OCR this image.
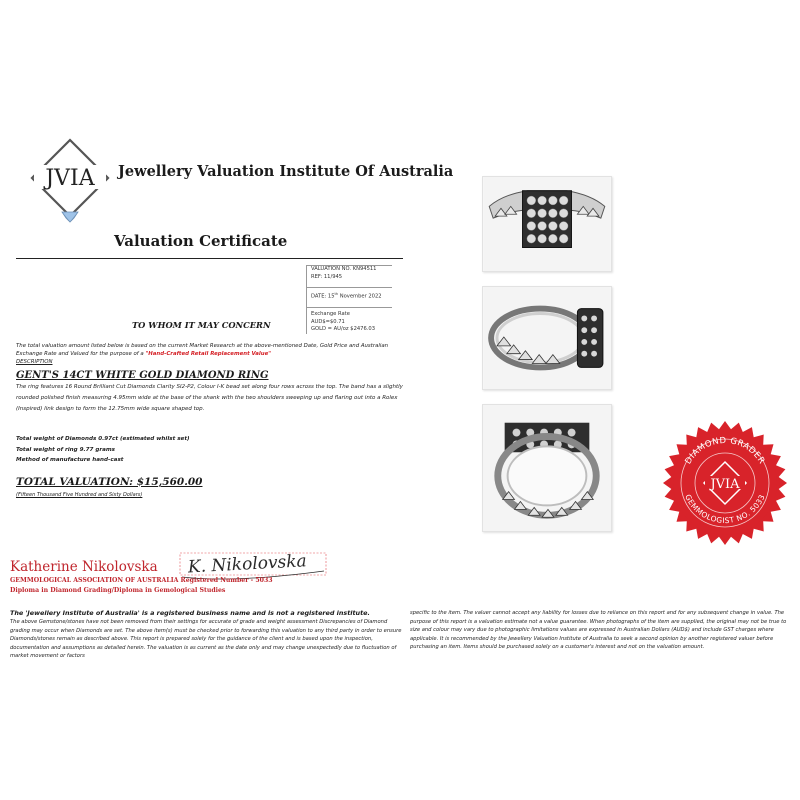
JVIA Jewellery Valuation Institute Of Australia
Valuation Certificate
VALUATION NO. KN94511
REF: 11/945
DATE: 15th November 2022
Exchange Rate
AUD$=$0.71
GOLD = AU/oz $2476.03
TO WHOM IT MAY CONCERN
The total valuation amount listed below is based on the current Market Research at the above-mentioned Date, Gold Price and Australian Exchange Rate and Valued for the purpose of a "Hand-Crafted Retail Replacement Value"
DESCRIPTION
GENT'S 14CT WHITE GOLD DIAMOND RING
The ring features 16 Round Brilliant Cut Diamonds Clarity SI2-P2, Colour I-K bead set along four rows across the top. The band has a slightly rounded polished finish measuring 4.95mm wide at the base of the shank with the two shoulders sweeping up and flaring out into a Rolex (Inspired) link design to form the 12.75mm wide square shaped top.
Total weight of Diamonds 0.97ct (estimated whilst set)
Total weight of ring 9.77 grams
Method of manufacture hand-cast
TOTAL VALUATION: $15,560.00
(Fifteen Thousand Five Hundred and Sixty Dollars)
Katherine Nikolovska K. Nikolovska
GEMMOLOGICAL ASSOCIATION OF AUSTRALIA Registered Number - 5033
Diploma in Diamond Grading/Diploma in Gemological Studies
The 'Jewellery Institute of Australia' is a registered business name and is not a registered institute.
The above Gemstone/stones have not been removed from their settings for accurate of grade and weight assessment Discrepancies of Diamond grading may occur when Diamonds are set. The above item(s) must be checked prior to forwarding this valuation to any third party in order to ensure Diamonds/stones remain as described above. This report is prepared solely for the guidance of the client and is based upon the inspection, documentation and assumptions as detailed herein. The valuation is as current as the date only and may change unexpectedly due to fluctuation of market movement or factors
specific to the item. The valuer cannot accept any liability for losses due to reliance on this report and for any subsequent change in value. The purpose of this report is a valuation estimate not a value guarantee. When photographs of the item are supplied, the original may not be true to size and colour may vary due to photographic limitations values are expressed in Australian Dollars (AUD$) and include GST charges where applicable. It is recommended by the Jewellery Valuation Institute of Australia to seek a second opinion by another registered valuer before purchasing an item. Items should be purchased solely on a customer's interest and not on the valuation amount.
DIAMOND GRADER
JVIA
GEMMOLOGIST NO. 5033
